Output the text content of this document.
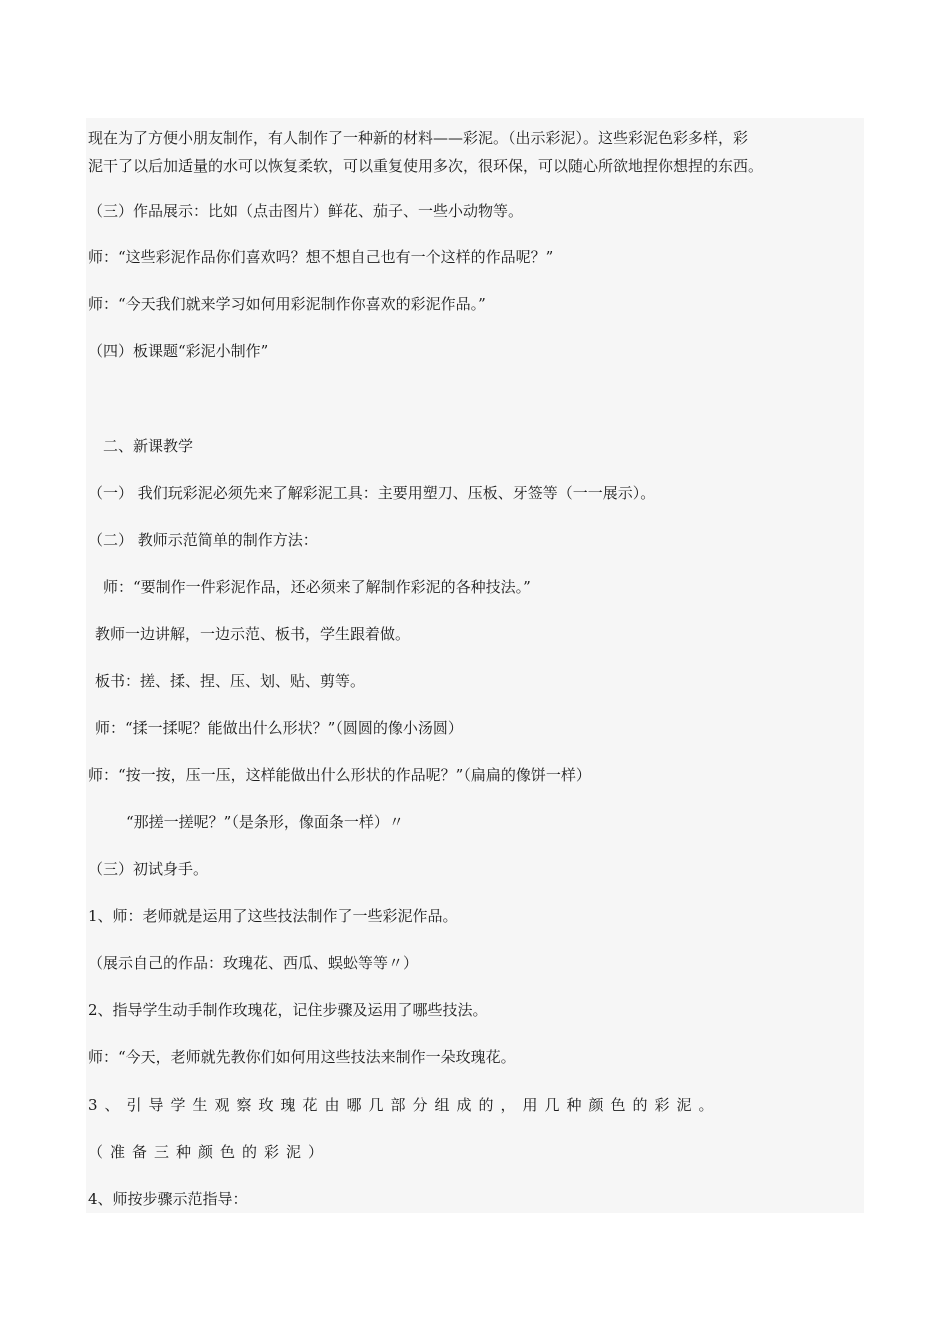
现在为了方便小朋友制作，有人制作了一种新的材料——彩泥。（出示彩泥）。这些彩泥色彩多样，彩
泥干了以后加适量的水可以恢复柔软，可以重复使用多次，很环保，可以随心所欲地捏你想捏的东西。
（三）作品展示：比如（点击图片）鲜花、茄子、一些小动物等。
师：“这些彩泥作品你们喜欢吗？想不想自己也有一个这样的作品呢？”
师：“今天我们就来学习如何用彩泥制作你喜欢的彩泥作品。”
（四）板课题“彩泥小制作”
二、新课教学
（一） 我们玩彩泥必须先来了解彩泥工具：主要用塑刀、压板、牙签等（一一展示）。
（二） 教师示范简单的制作方法：
师：“要制作一件彩泥作品，还必须来了解制作彩泥的各种技法。”
教师一边讲解，一边示范、板书，学生跟着做。
板书：搓、揉、捏、压、划、贴、剪等。
师：“揉一揉呢？能做出什么形状？”（圆圆的像小汤圆）
师：“按一按，压一压，这样能做出什么形状的作品呢？”（扁扁的像饼一样）
“那搓一搓呢？”（是条形，像面条一样）〃
（三）初试身手。
1、师：老师就是运用了这些技法制作了一些彩泥作品。
（展示自己的作品：玫瑰花、西瓜、蜈蚣等等〃）
2、指导学生动手制作玫瑰花，记住步骤及运用了哪些技法。
师：“今天，老师就先教你们如何用这些技法来制作一朵玫瑰花。
3、引导学生观察玫瑰花由哪几部分组成的，用几种颜色的彩泥。
（准备三种颜色的彩泥）
4、师按步骤示范指导：
